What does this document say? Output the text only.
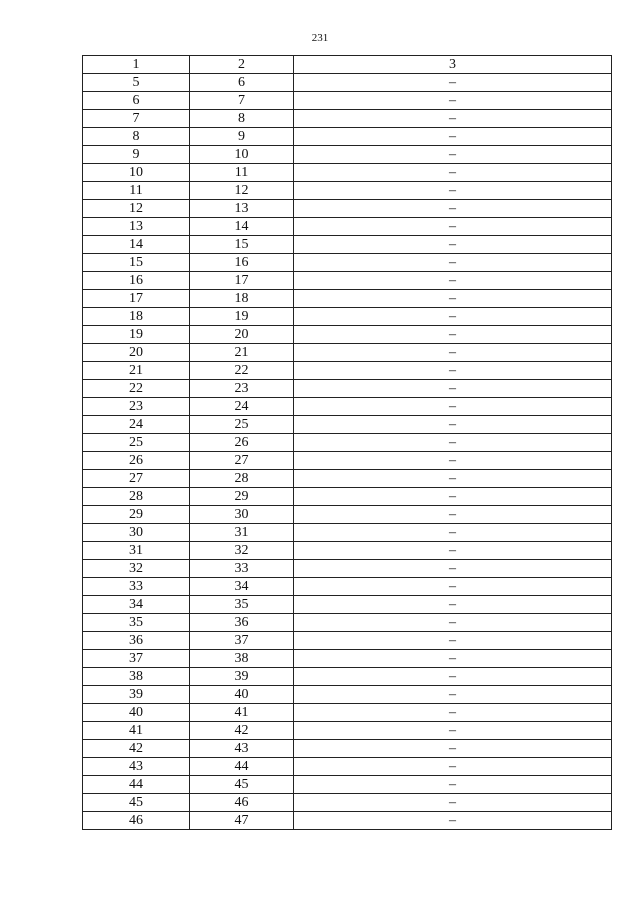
231
1	2	3
5	6	–
6	7	–
7	8	–
8	9	–
9	10	–
10	11	–
11	12	–
12	13	–
13	14	–
14	15	–
15	16	–
16	17	–
17	18	–
18	19	–
19	20	–
20	21	–
21	22	–
22	23	–
23	24	–
24	25	–
25	26	–
26	27	–
27	28	–
28	29	–
29	30	–
30	31	–
31	32	–
32	33	–
33	34	–
34	35	–
35	36	–
36	37	–
37	38	–
38	39	–
39	40	–
40	41	–
41	42	–
42	43	–
43	44	–
44	45	–
45	46	–
46	47	–
